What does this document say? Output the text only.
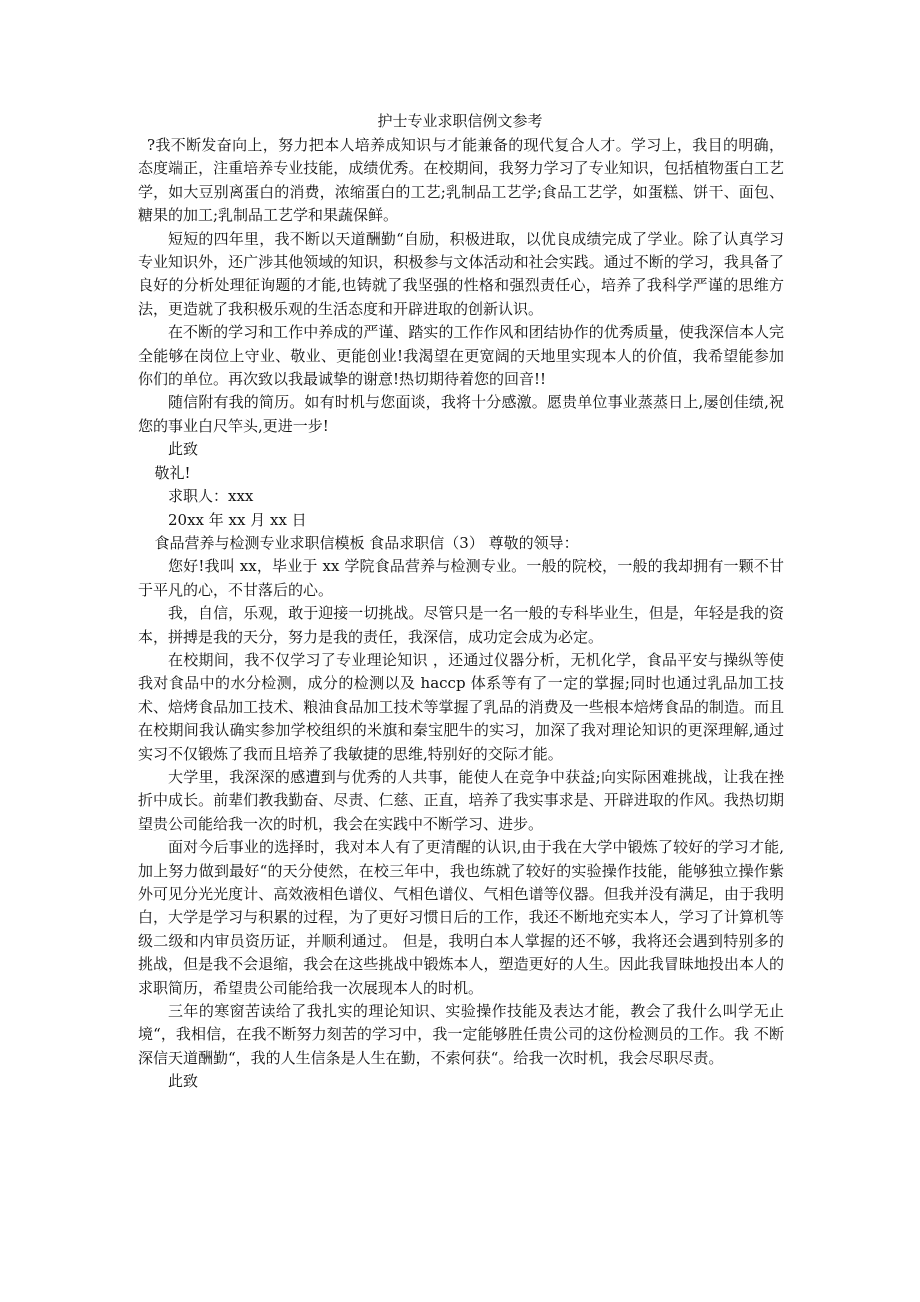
护士专业求职信例文参考

?我不断发奋向上，努力把本人培养成知识与才能兼备的现代复合人才。学习上，我目的明确，态度端正，注重培养专业技能，成绩优秀。在校期间，我努力学习了专业知识，包括植物蛋白工艺学，如大豆别离蛋白的消费，浓缩蛋白的工艺;乳制品工艺学;食品工艺学，如蛋糕、饼干、面包、糖果的加工;乳制品工艺学和果蔬保鲜。

短短的四年里，我不断以天道酬勤“自励，积极进取，以优良成绩完成了学业。除了认真学习专业知识外，还广涉其他领域的知识，积极参与文体活动和社会实践。通过不断的学习，我具备了良好的分析处理征询题的才能,也铸就了我坚强的性格和强烈责任心，培养了我科学严谨的思维方法，更造就了我积极乐观的生活态度和开辟进取的创新认识。

在不断的学习和工作中养成的严谨、踏实的工作作风和团结协作的优秀质量，使我深信本人完全能够在岗位上守业、敬业、更能创业!我渴望在更宽阔的天地里实现本人的价值，我希望能参加你们的单位。再次致以我最诚挚的谢意!热切期待着您的回音!!

随信附有我的简历。如有时机与您面谈，我将十分感激。愿贵单位事业蒸蒸日上,屡创佳绩,祝您的事业白尺竿头,更进一步!

此致

敬礼!

求职人：xxx

20xx 年 xx 月 xx 日

食品营养与检测专业求职信模板 食品求职信（3） 尊敬的领导：

您好!我叫 xx，毕业于 xx 学院食品营养与检测专业。一般的院校，一般的我却拥有一颗不甘于平凡的心，不甘落后的心。

我，自信，乐观，敢于迎接一切挑战。尽管只是一名一般的专科毕业生，但是，年轻是我的资本，拼搏是我的天分，努力是我的责任，我深信，成功定会成为必定。

在校期间，我不仅学习了专业理论知识 ，还通过仪器分析，无机化学，食品平安与操纵等使我对食品中的水分检测，成分的检测以及 haccp 体系等有了一定的掌握;同时也通过乳品加工技术、焙烤食品加工技术、粮油食品加工技术等掌握了乳品的消费及一些根本焙烤食品的制造。而且在校期间我认确实参加学校组织的米旗和秦宝肥牛的实习，加深了我对理论知识的更深理解,通过实习不仅锻炼了我而且培养了我敏捷的思维,特别好的交际才能。

大学里，我深深的感遭到与优秀的人共事，能使人在竞争中获益;向实际困难挑战，让我在挫折中成长。前辈们教我勤奋、尽责、仁慈、正直，培养了我实事求是、开辟进取的作风。我热切期望贵公司能给我一次的时机，我会在实践中不断学习、进步。

面对今后事业的选择时，我对本人有了更清醒的认识,由于我在大学中锻炼了较好的学习才能,加上努力做到最好“的天分使然，在校三年中，我也练就了较好的实验操作技能，能够独立操作紫外可见分光光度计、高效液相色谱仪、气相色谱仪、气相色谱等仪器。但我并没有满足，由于我明白，大学是学习与积累的过程，为了更好习惯日后的工作，我还不断地充实本人，学习了计算机等级二级和内审员资历证，并顺利通过。 但是，我明白本人掌握的还不够，我将还会遇到特别多的挑战，但是我不会退缩，我会在这些挑战中锻炼本人，塑造更好的人生。因此我冒昧地投出本人的求职简历，希望贵公司能给我一次展现本人的时机。

三年的寒窗苦读给了我扎实的理论知识、实验操作技能及表达才能，教会了我什么叫学无止境“，我相信，在我不断努力刻苦的学习中，我一定能够胜任贵公司的这份检测员的工作。我 不断深信天道酬勤“，我的人生信条是人生在勤，不索何获“。给我一次时机，我会尽职尽责。

此致
